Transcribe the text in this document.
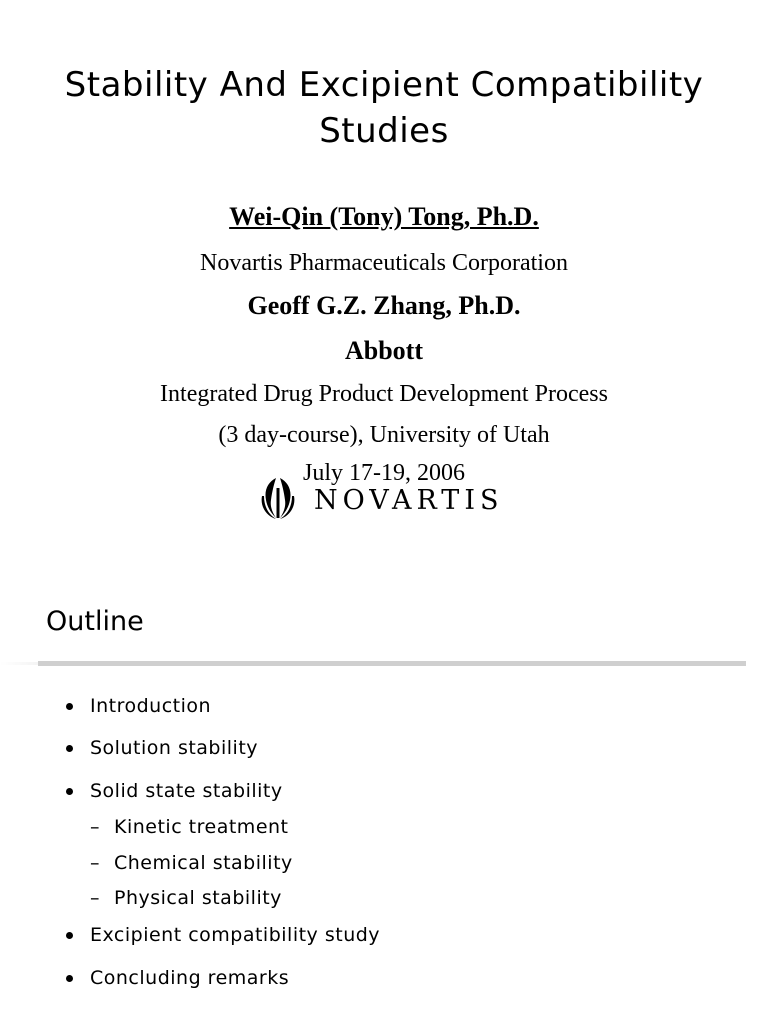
Stability And Excipient Compatibility
Studies
Wei-Qin (Tony) Tong, Ph.D.
Novartis Pharmaceuticals Corporation
Geoff G.Z. Zhang, Ph.D.
Abbott
Integrated Drug Product Development Process
(3 day-course), University of Utah
July 17-19, 2006
NOVARTIS
Outline
Introduction
Solution stability
Solid state stability
– Kinetic treatment
– Chemical stability
– Physical stability
Excipient compatibility study
Concluding remarks
